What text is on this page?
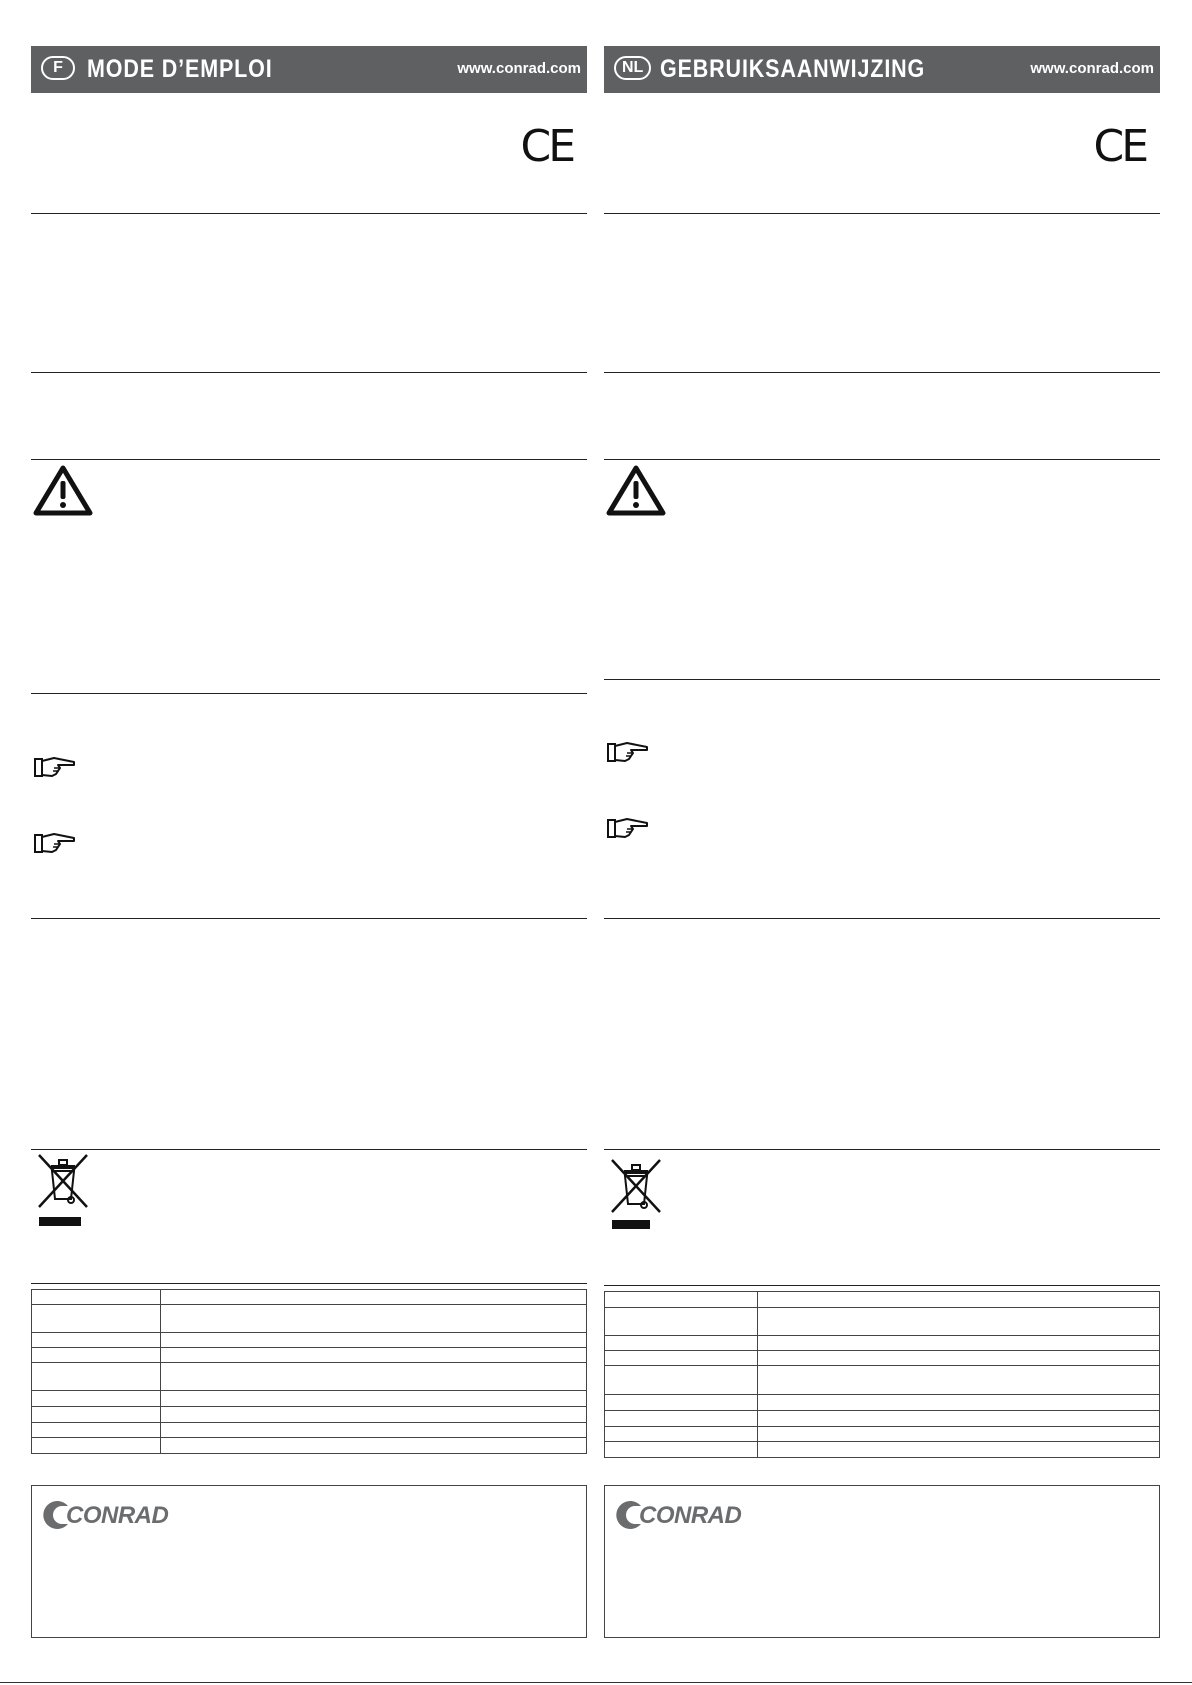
F MODE D’EMPLOI	www.conrad.com
CE

CONRAD
NL GEBRUIKSAANWIJZING	www.conrad.com
CE

CONRAD
